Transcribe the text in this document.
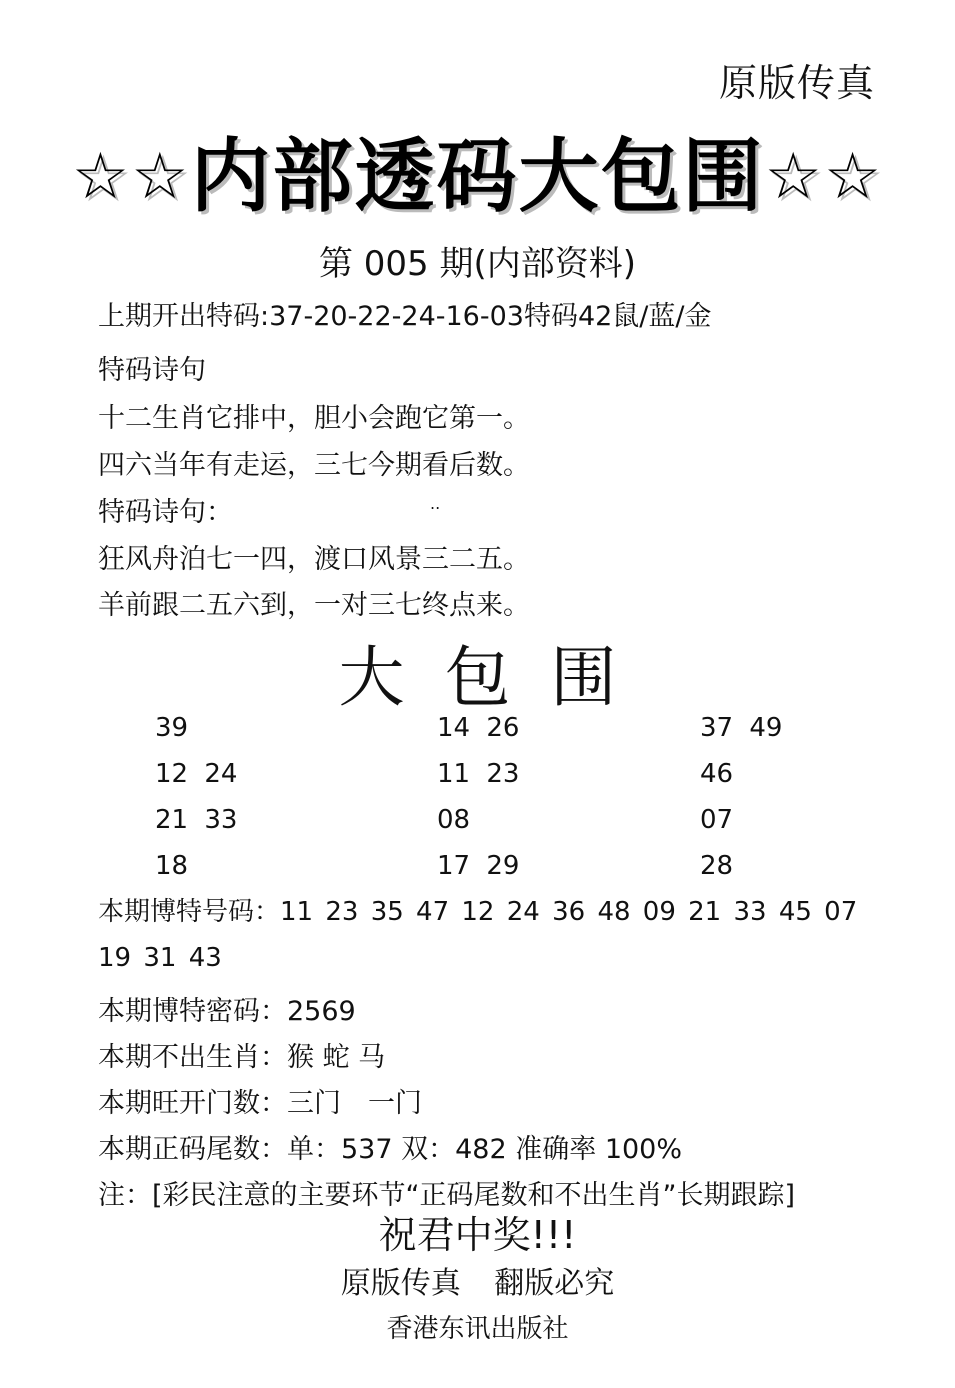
原版传真
☆☆内部透码大包围☆☆
第 005 期(内部资料)
上期开出特码:37-20-22-24-16-03特码42鼠/蓝/金
特码诗句
十二生肖它排中，胆小会跑它第一。
四六当年有走运，三七今期看后数。
特码诗句：	..
狂风舟泊七一四，渡口风景三二五。
羊前跟二五六到，一对三七终点来。
大包围
39	14 26	37 49
12 24	11 23	46
21 33	08	07
18	17 29	28
本期博特号码：11 23 35 47 12 24 36 48 09 21 33 45 07 19 31 43
本期博特密码：2569
本期不出生肖：猴 蛇 马
本期旺开门数：三门　一门
本期正码尾数：单：537 双：482 准确率 100%
注：[彩民注意的主要环节“正码尾数和不出生肖”长期跟踪]
祝君中奖!!!
原版传真 翻版必究
香港东讯出版社
